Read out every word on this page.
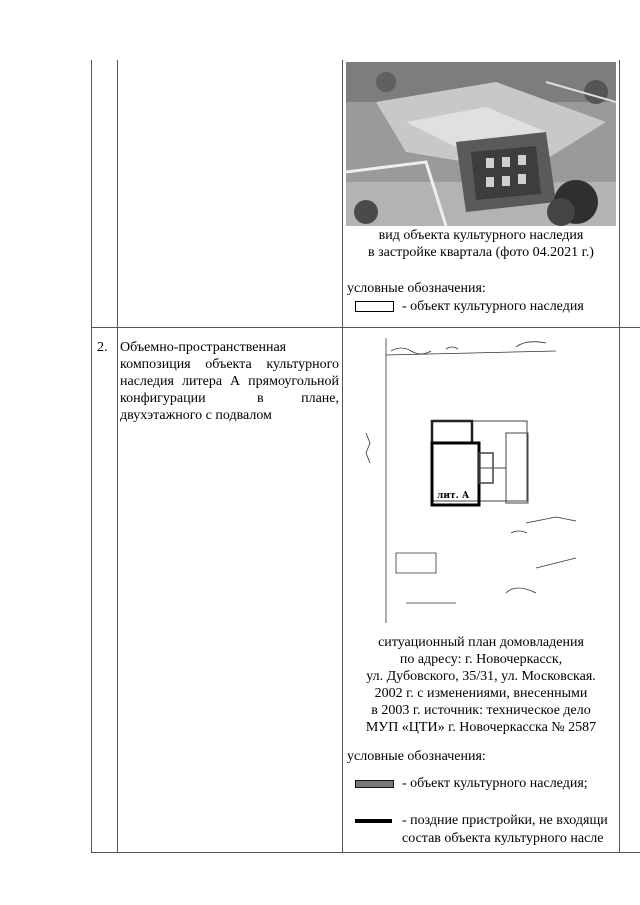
вид объекта культурного наследия
в застройке квартала (фото 04.2021 г.)
условные обозначения:
- объект культурного наследия
2. Объемно-пространственная
композиция объекта культурного
наследия литера А прямоугольной
конфигурации	в	плане,
двухэтажного с подвалом
лит. А
ситуационный план домовладения
по адресу: г. Новочеркасск,
ул. Дубовского, 35/31, ул. Московская.
2002 г. с изменениями, внесенными
в 2003 г. источник: техническое дело
МУП «ЦТИ» г. Новочеркасска № 2587
условные обозначения:
- объект культурного наследия;
- поздние пристройки, не входящи
состав объекта культурного насле
